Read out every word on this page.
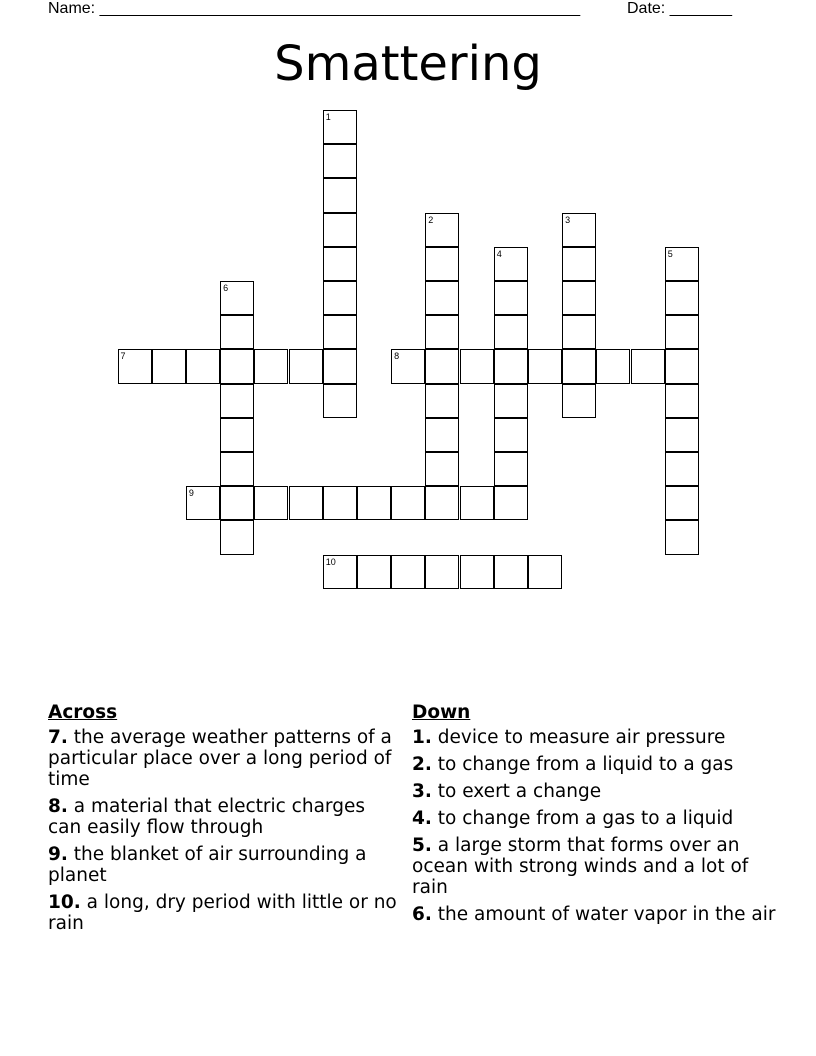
Name: ______________________________________________________	Date: _______
Smattering
1
2	3
4	5
6
7	8
9
10
Across
7. the average weather patterns of a particular place over a long period of time
8. a material that electric charges can easily flow through
9. the blanket of air surrounding a planet
10. a long, dry period with little or no rain
Down
1. device to measure air pressure
2. to change from a liquid to a gas
3. to exert a change
4. to change from a gas to a liquid
5. a large storm that forms over an ocean with strong winds and a lot of rain
6. the amount of water vapor in the air
